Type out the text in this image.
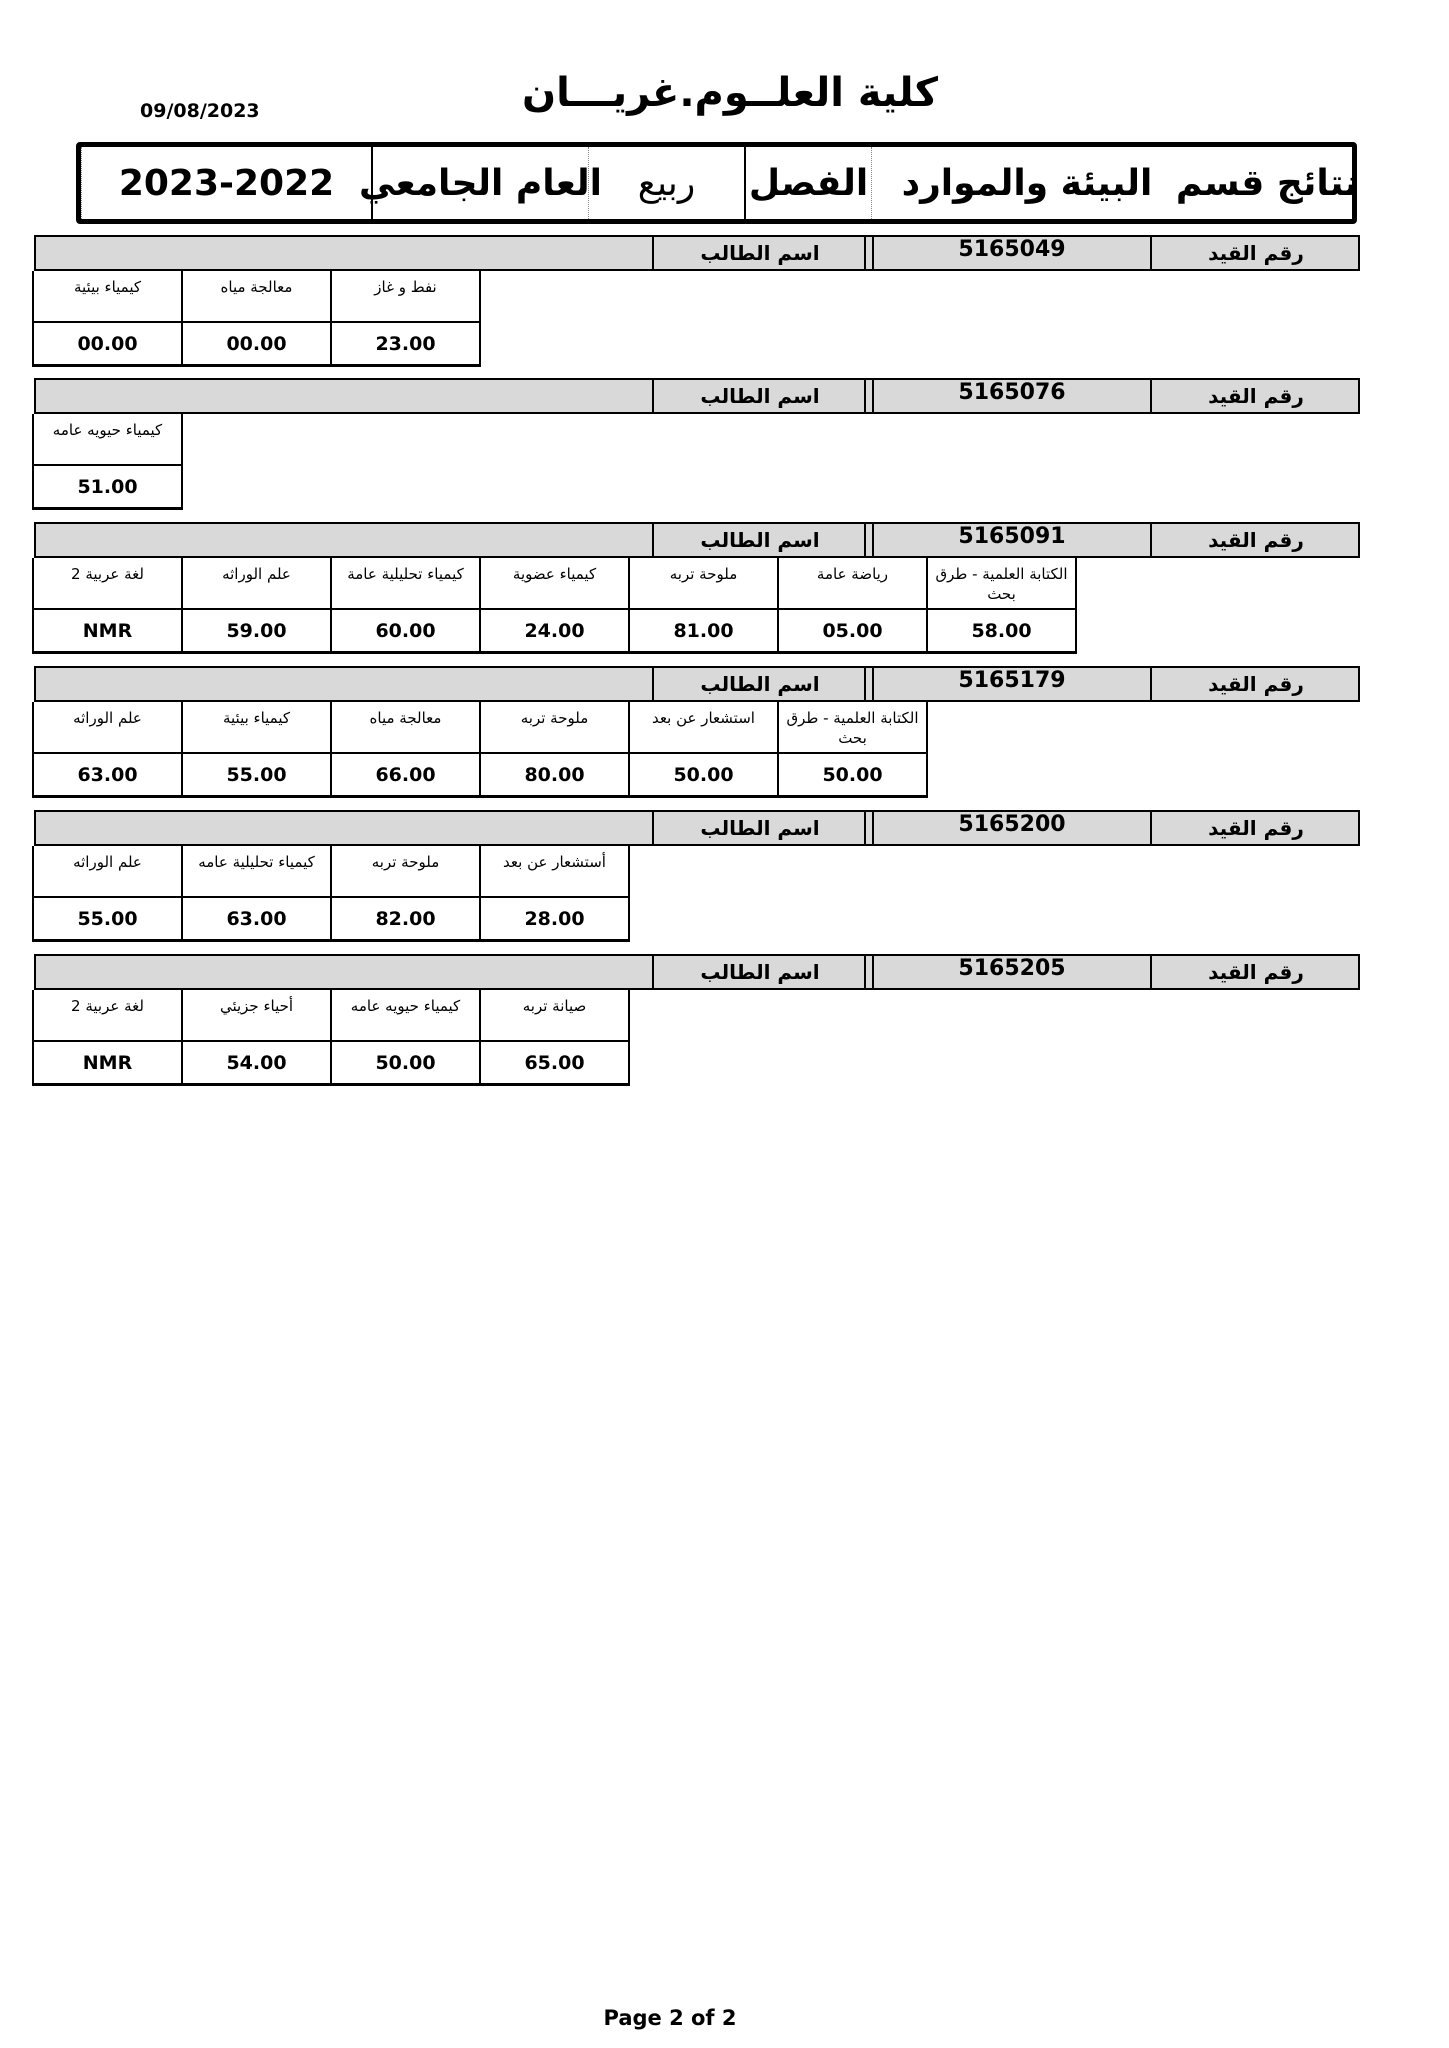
09/08/2023	كلية العلــوم.غريـــان
نتائج قسم
البيئة والموارد
الفصل
ربيع
العام الجامعي
2023-2022
رقم القيد
5165049
اسم الطالب
كيمياء بيئية
00.00
معالجة مياه
00.00
نفط و غاز
23.00
رقم القيد
5165076
اسم الطالب
كيمياء حيويه عامه
51.00
رقم القيد
5165091
اسم الطالب
لغة عربية 2
NMR
علم الوراثه
59.00
كيمياء تحليلية عامة
60.00
كيمياء عضوية
24.00
ملوحة تربه
81.00
رياضة عامة
05.00
الكتابة العلمية - طرق بحث
58.00
رقم القيد
5165179
اسم الطالب
علم الوراثه
63.00
كيمياء بيئية
55.00
معالجة مياه
66.00
ملوحة تربه
80.00
استشعار عن بعد
50.00
الكتابة العلمية - طرق بحث
50.00
رقم القيد
5165200
اسم الطالب
علم الوراثه
55.00
كيمياء تحليلية عامه
63.00
ملوحة تربه
82.00
أستشعار عن بعد
28.00
رقم القيد
5165205
اسم الطالب
لغة عربية 2
NMR
أحياء جزيئي
54.00
كيمياء حيويه عامه
50.00
صيانة تربه
65.00
Page 2 of 2
